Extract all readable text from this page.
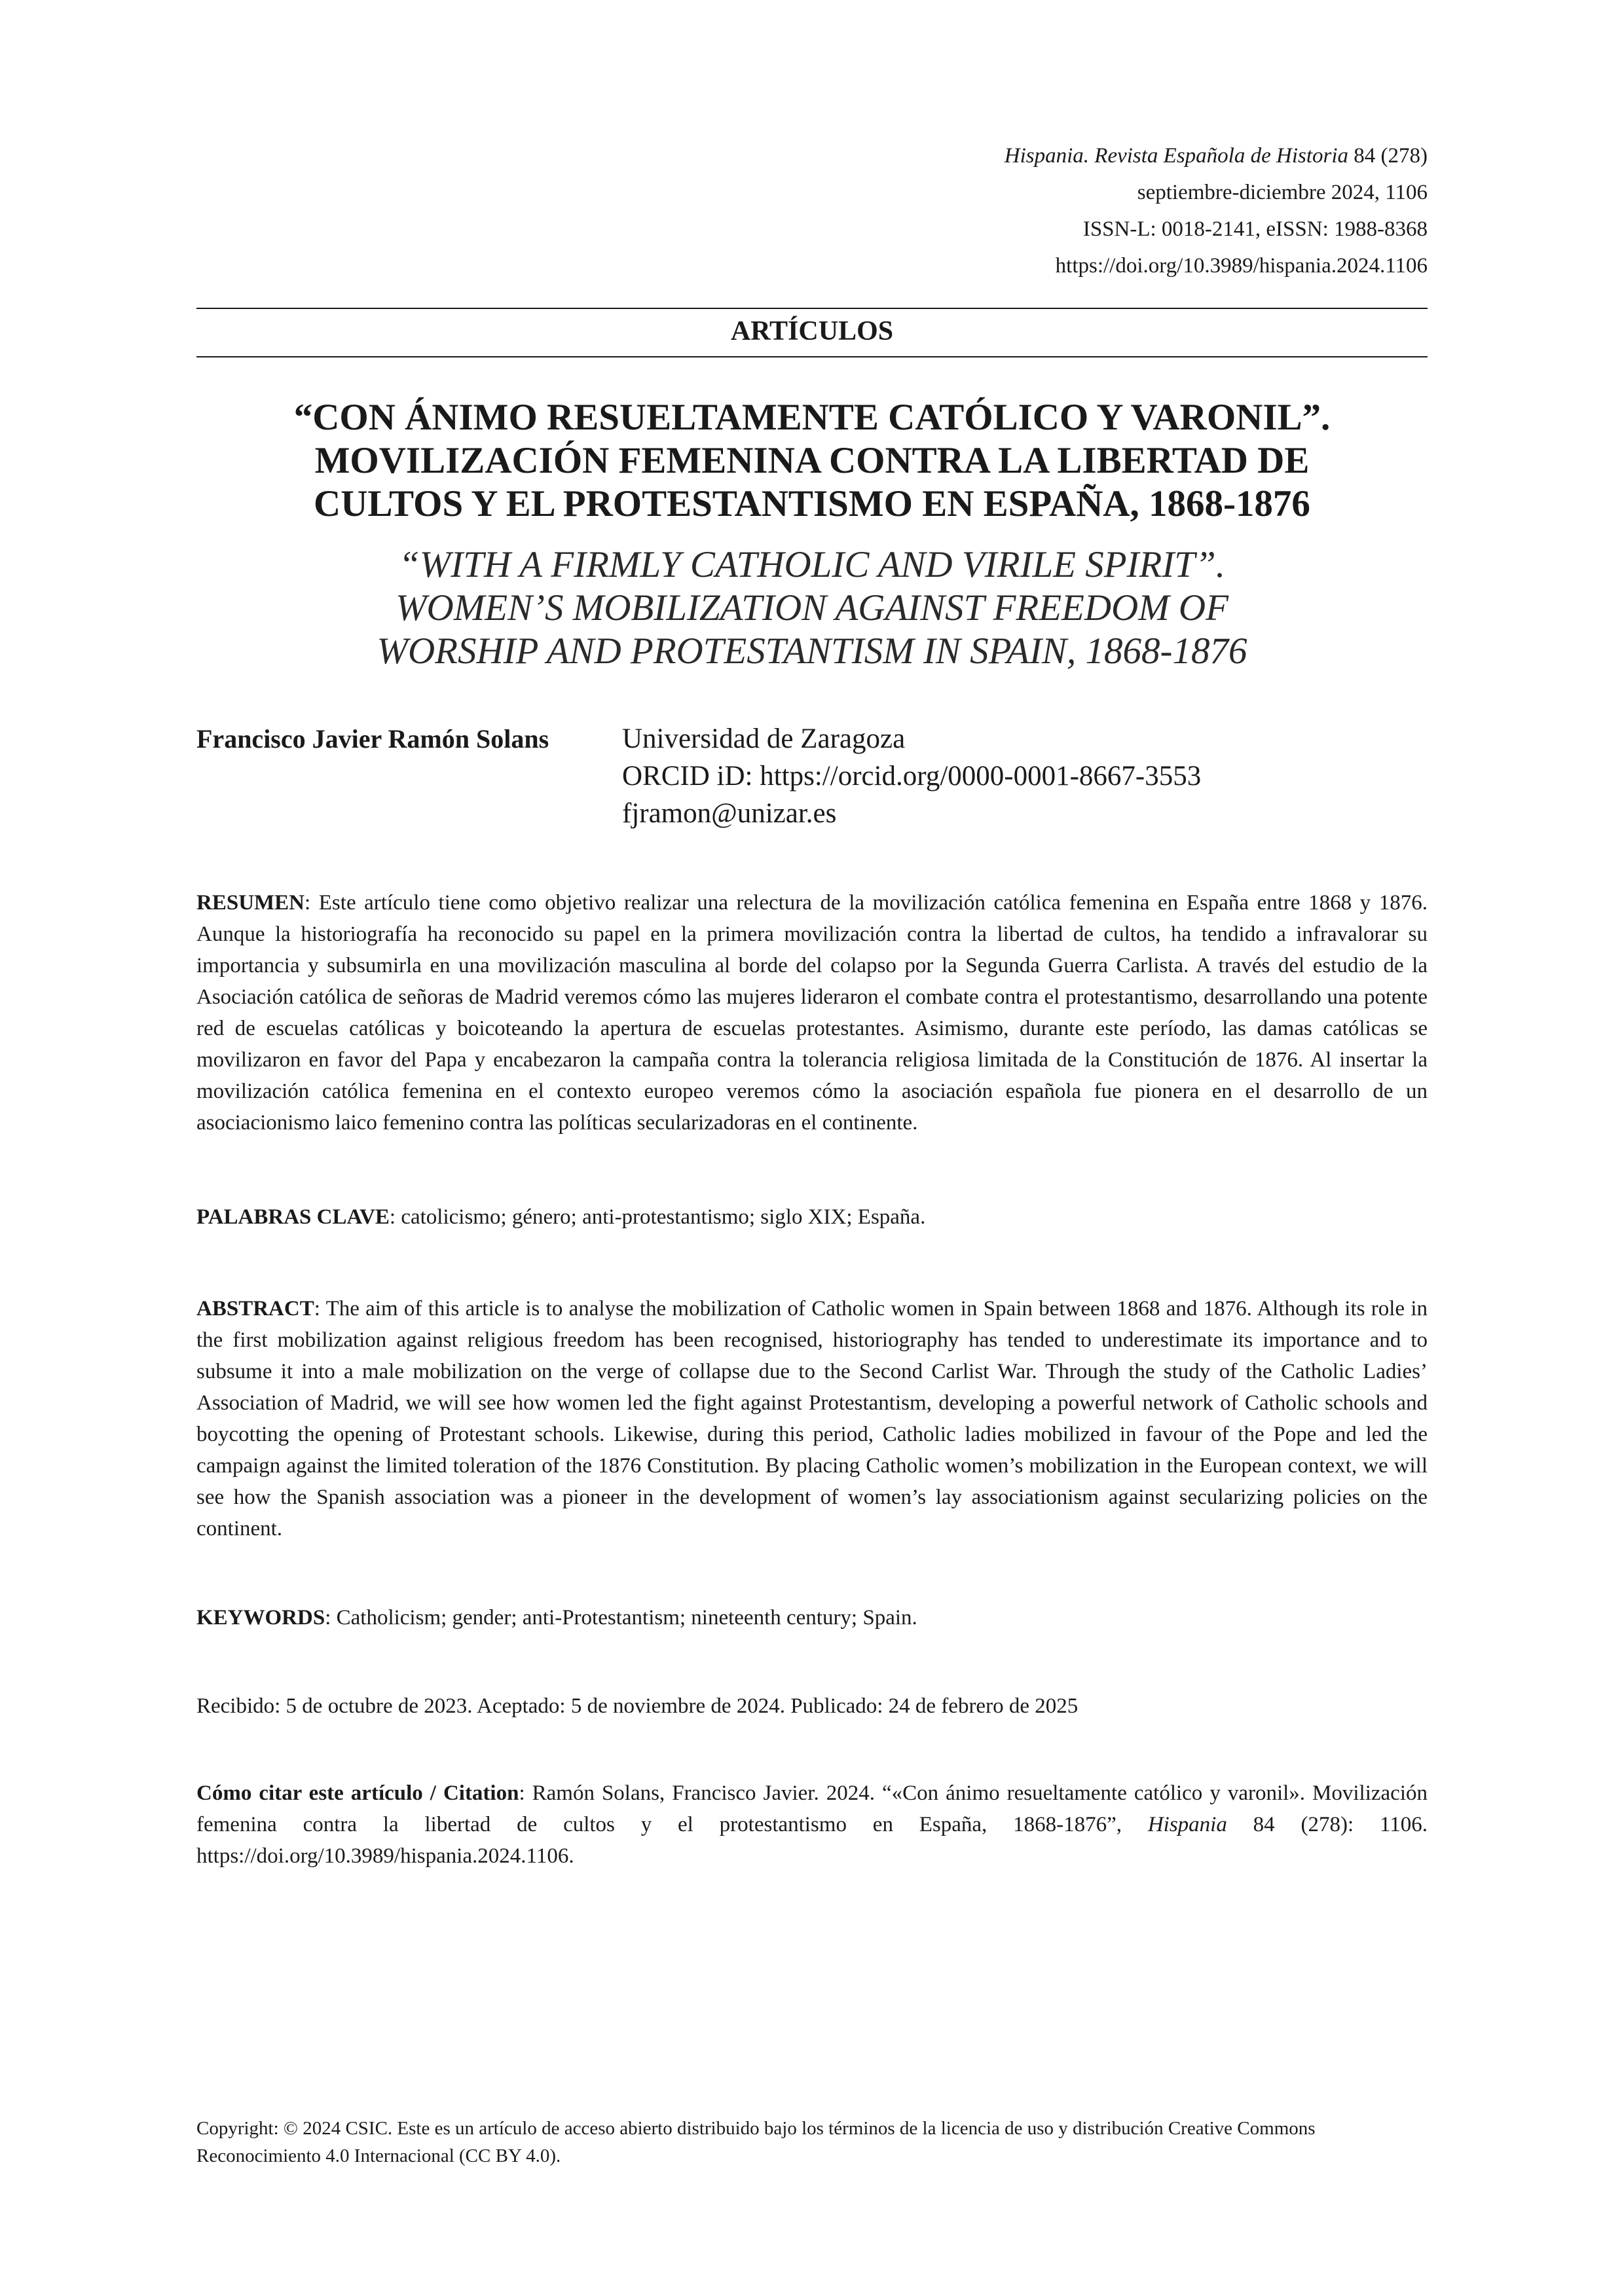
Hispania. Revista Española de Historia 84 (278)
septiembre-diciembre 2024, 1106
ISSN-L: 0018-2141, eISSN: 1988-8368
https://doi.org/10.3989/hispania.2024.1106
ARTÍCULOS
“CON ÁNIMO RESUELTAMENTE CATÓLICO Y VARONIL”.
MOVILIZACIÓN FEMENINA CONTRA LA LIBERTAD DE
CULTOS Y EL PROTESTANTISMO EN ESPAÑA, 1868-1876
“WITH A FIRMLY CATHOLIC AND VIRILE SPIRIT”.
WOMEN’S MOBILIZATION AGAINST FREEDOM OF
WORSHIP AND PROTESTANTISM IN SPAIN, 1868-1876
Francisco Javier Ramón Solans	Universidad de Zaragoza
ORCID iD: https://orcid.org/0000-0001-8667-3553
fjramon@unizar.es
RESUMEN: Este artículo tiene como objetivo realizar una relectura de la movilización católica femenina en España entre 1868 y 1876. Aunque la historiografía ha reconocido su papel en la primera movilización contra la libertad de cultos, ha tendido a infravalorar su importancia y subsumirla en una movilización masculina al borde del colapso por la Segunda Guerra Carlista. A través del estudio de la Asociación católica de señoras de Madrid veremos cómo las mujeres lideraron el combate contra el protestantismo, desarrollando una potente red de escuelas católicas y boicoteando la apertura de escuelas protestantes. Asimismo, durante este período, las damas católicas se movilizaron en favor del Papa y encabezaron la campaña contra la tolerancia religiosa limitada de la Constitución de 1876. Al insertar la movilización católica femenina en el contexto europeo veremos cómo la asociación española fue pionera en el desarrollo de un asociacionismo laico femenino contra las políticas secularizadoras en el continente.
PALABRAS CLAVE: catolicismo; género; anti-protestantismo; siglo XIX; España.
ABSTRACT: The aim of this article is to analyse the mobilization of Catholic women in Spain between 1868 and 1876. Although its role in the first mobilization against religious freedom has been recognised, historiography has tended to underestimate its importance and to subsume it into a male mobilization on the verge of collapse due to the Second Carlist War. Through the study of the Catholic Ladies’ Association of Madrid, we will see how women led the fight against Protestantism, developing a powerful network of Catholic schools and boycotting the opening of Protestant schools. Likewise, during this period, Catholic ladies mobilized in favour of the Pope and led the campaign against the limited toleration of the 1876 Constitution. By placing Catholic women’s mobilization in the European context, we will see how the Spanish association was a pioneer in the development of women’s lay associationism against secularizing policies on the continent.
KEYWORDS: Catholicism; gender; anti-Protestantism; nineteenth century; Spain.
Recibido: 5 de octubre de 2023. Aceptado: 5 de noviembre de 2024. Publicado: 24 de febrero de 2025
Cómo citar este artículo / Citation: Ramón Solans, Francisco Javier. 2024. “«Con ánimo resueltamente católico y varonil». Movilización femenina contra la libertad de cultos y el protestantismo en España, 1868-1876”, Hispania 84 (278): 1106. https://doi.org/10.3989/hispania.2024.1106.
Copyright: © 2024 CSIC. Este es un artículo de acceso abierto distribuido bajo los términos de la licencia de uso y distribución Creative Commons Reconocimiento 4.0 Internacional (CC BY 4.0).
